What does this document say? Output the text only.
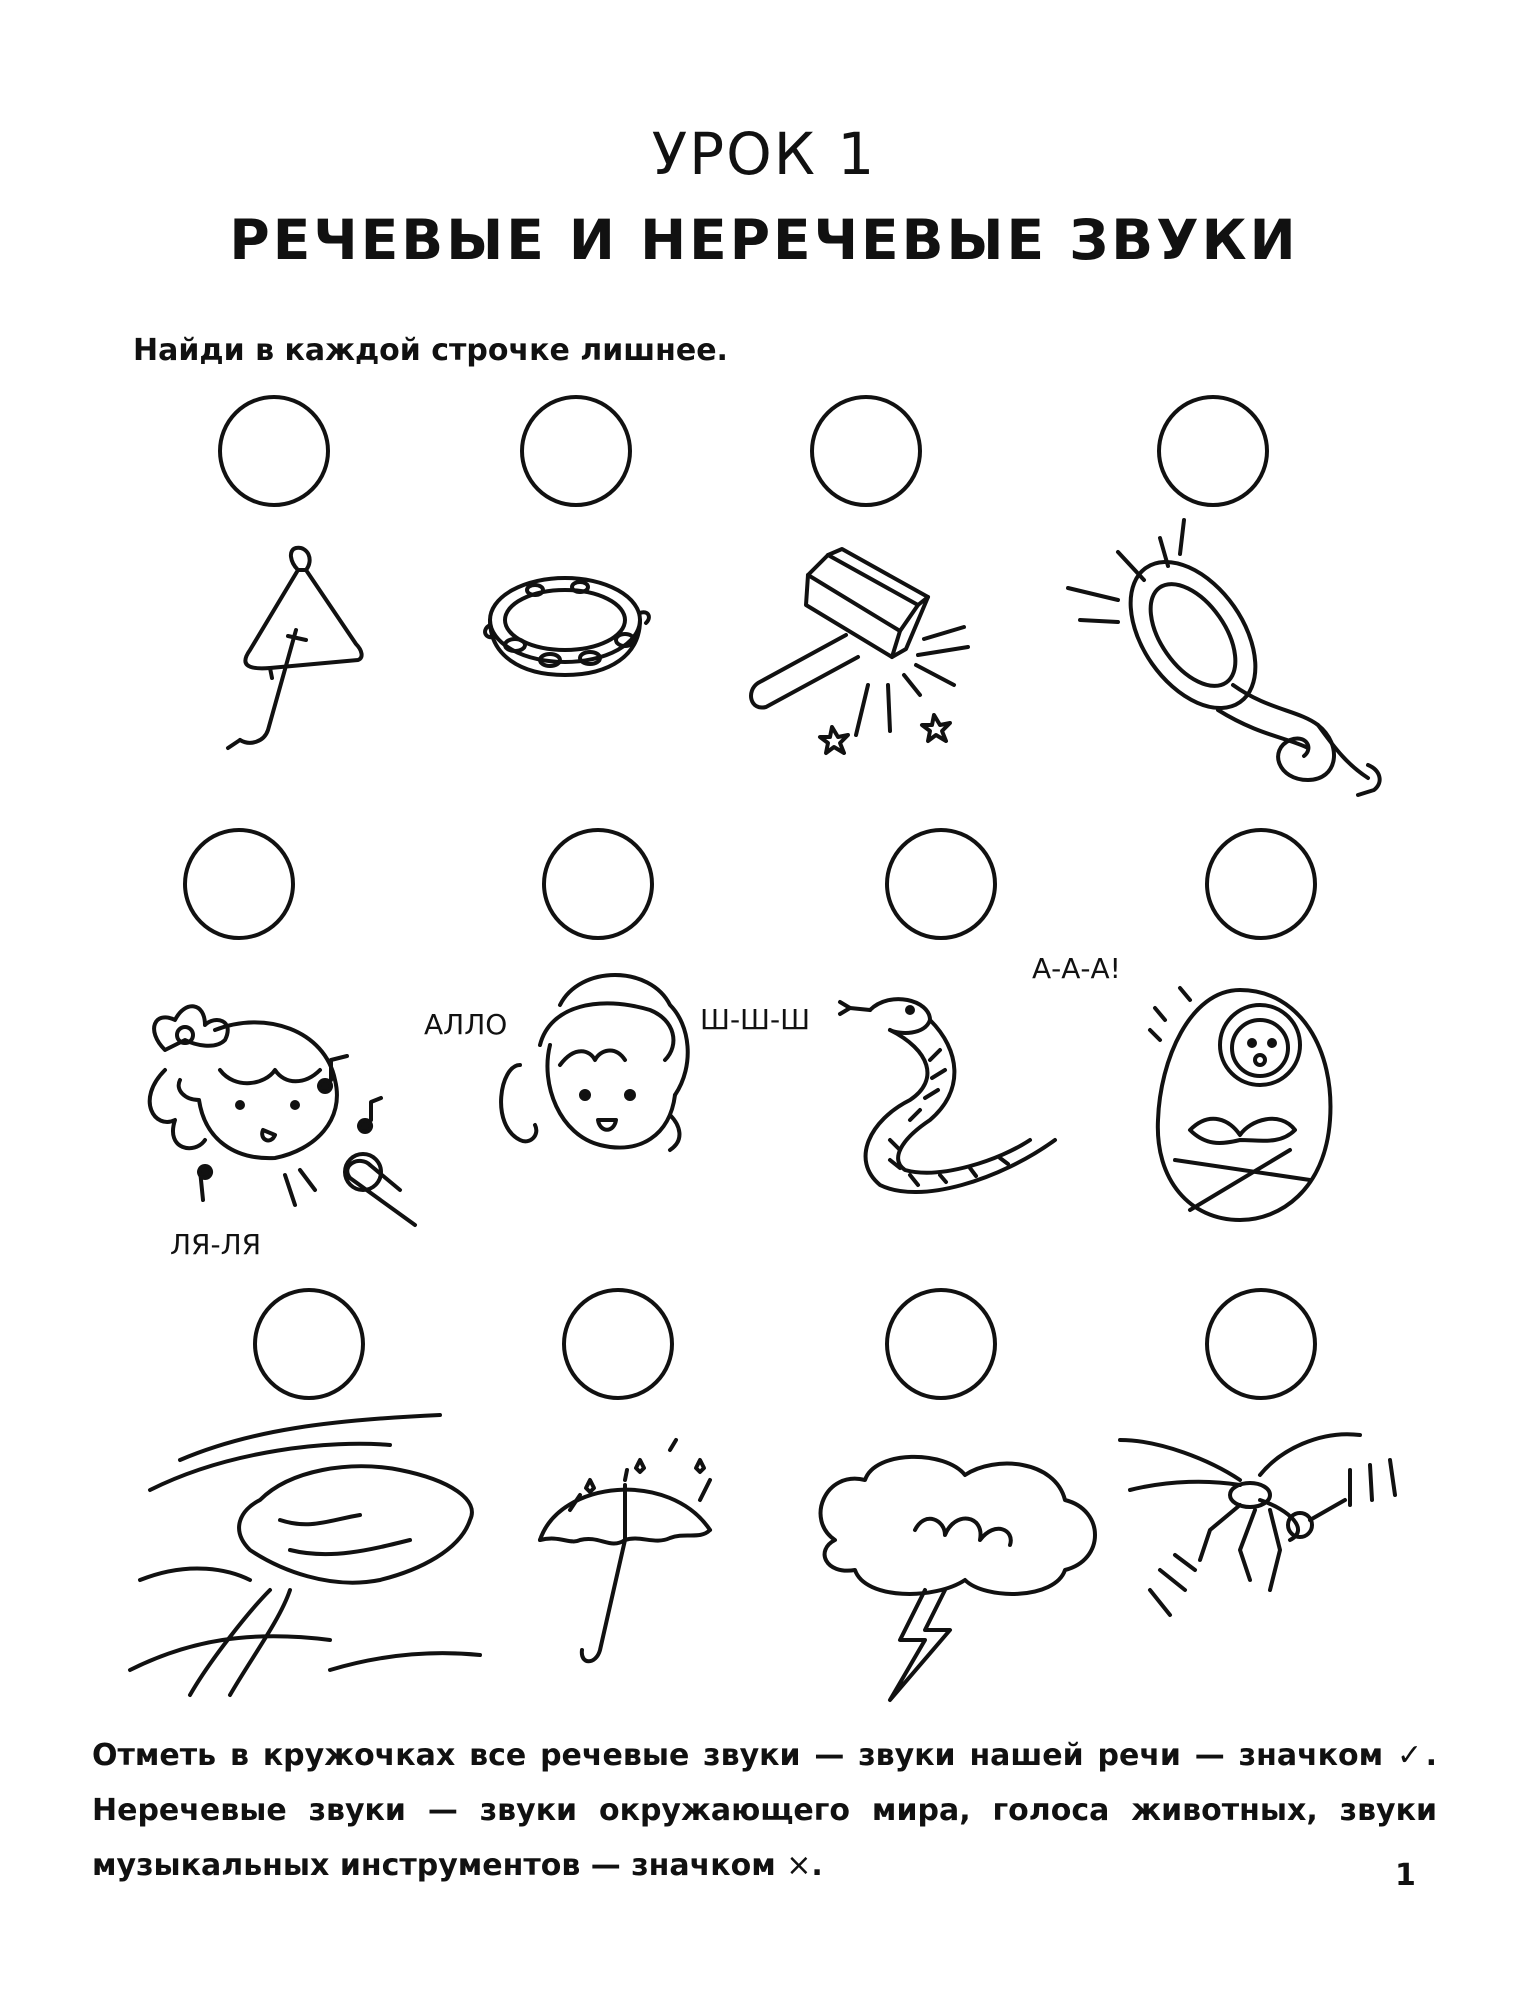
УРОК 1
РЕЧЕВЫЕ И НЕРЕЧЕВЫЕ ЗВУКИ
Найди в каждой строчке лишнее.
ЛЯ-ЛЯ
АЛЛО	Ш-Ш-Ш
А-А-А!
Отметь в кружочках все речевые звуки — звуки нашей речи — значком ✓. Неречевые звуки — звуки окружающего мира, голоса животных, звуки музыкальных инструментов — значком ×.	1
